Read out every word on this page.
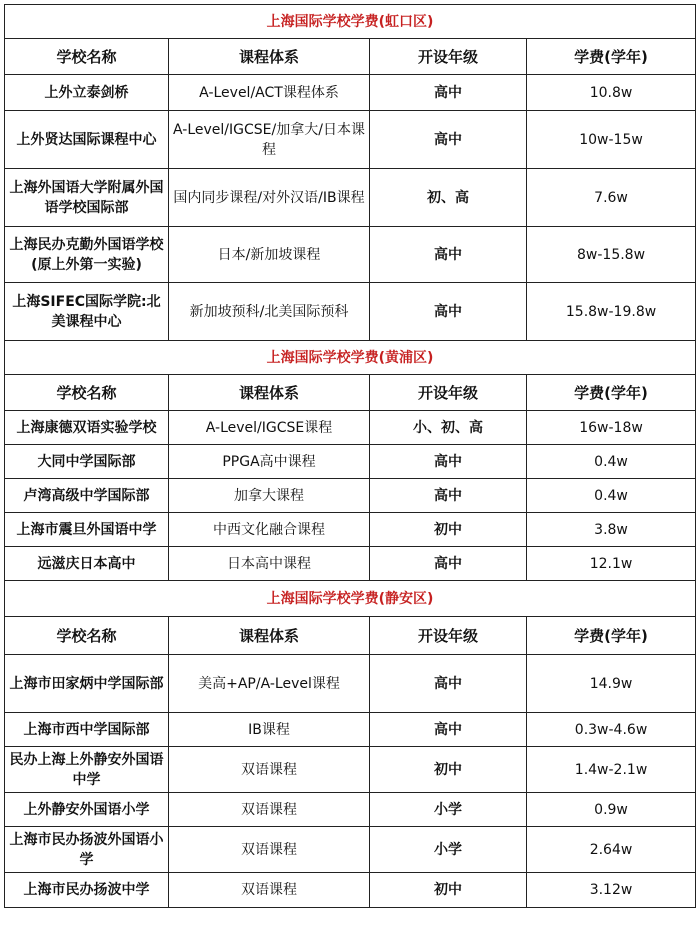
上海国际学校学费(虹口区)			
学校名称	课程体系	开设年级	学费(学年)
上外立泰剑桥	A-Level/ACT课程体系	高中	10.8w
上外贤达国际课程中心	A-Level/IGCSE/加拿大/日本课程	高中	10w-15w
上海外国语大学附属外国语学校国际部	国内同步课程/对外汉语/IB课程	初、高	7.6w
上海民办克勤外国语学校(原上外第一实验)	日本/新加坡课程	高中	8w-15.8w
上海SIFEC国际学院:北美课程中心	新加坡预科/北美国际预科	高中	15.8w-19.8w
上海国际学校学费(黄浦区)			
学校名称	课程体系	开设年级	学费(学年)
上海康德双语实验学校	A-Level/IGCSE课程	小、初、高	16w-18w
大同中学国际部	PPGA高中课程	高中	0.4w
卢湾高级中学国际部	加拿大课程	高中	0.4w
上海市震旦外国语中学	中西文化融合课程	初中	3.8w
远滋庆日本高中	日本高中课程	高中	12.1w
上海国际学校学费(静安区)			
学校名称	课程体系	开设年级	学费(学年)
上海市田家炳中学国际部	美高+AP/A-Level课程	高中	14.9w
上海市西中学国际部	IB课程	高中	0.3w-4.6w
民办上海上外静安外国语中学	双语课程	初中	1.4w-2.1w
上外静安外国语小学	双语课程	小学	0.9w
上海市民办扬波外国语小学	双语课程	小学	2.64w
上海市民办扬波中学	双语课程	初中	3.12w
